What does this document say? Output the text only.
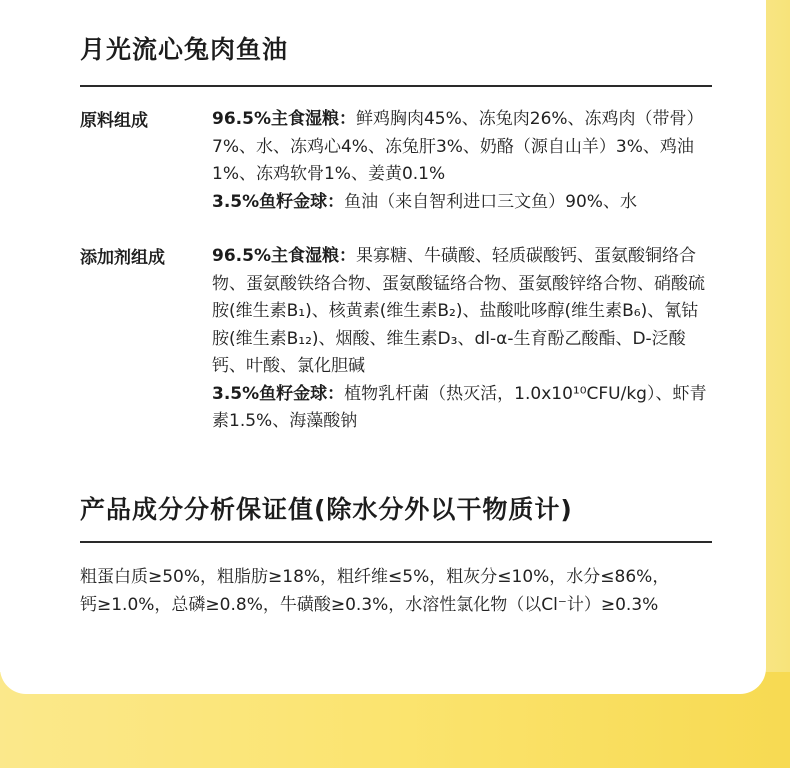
月光流心兔肉鱼油
原料组成	96.5%主食湿粮：鲜鸡胸肉45%、冻兔肉26%、冻鸡肉（带骨）7%、水、冻鸡心4%、冻兔肝3%、奶酪（源自山羊）3%、鸡油1%、冻鸡软骨1%、姜黄0.1%

3.5%鱼籽金球：鱼油（来自智利进口三文鱼）90%、水

添加剂组成	96.5%主食湿粮：果寡糖、牛磺酸、轻质碳酸钙、蛋氨酸铜络合物、蛋氨酸铁络合物、蛋氨酸锰络合物、蛋氨酸锌络合物、硝酸硫胺(维生素B₁)、核黄素(维生素B₂)、盐酸吡哆醇(维生素B₆)、氰钴胺(维生素B₁₂)、烟酸、维生素D₃、dl-α-生育酚乙酸酯、D-泛酸钙、叶酸、氯化胆碱

3.5%鱼籽金球：植物乳杆菌（热灭活，1.0x10¹⁰CFU/kg）、虾青素1.5%、海藻酸钠

产品成分分析保证值(除水分外以干物质计)

粗蛋白质≥50%，粗脂肪≥18%，粗纤维≤5%，粗灰分≤10%，水分≤86%，

钙≥1.0%，总磷≥0.8%，牛磺酸≥0.3%，水溶性氯化物（以Cl⁻计）≥0.3%
